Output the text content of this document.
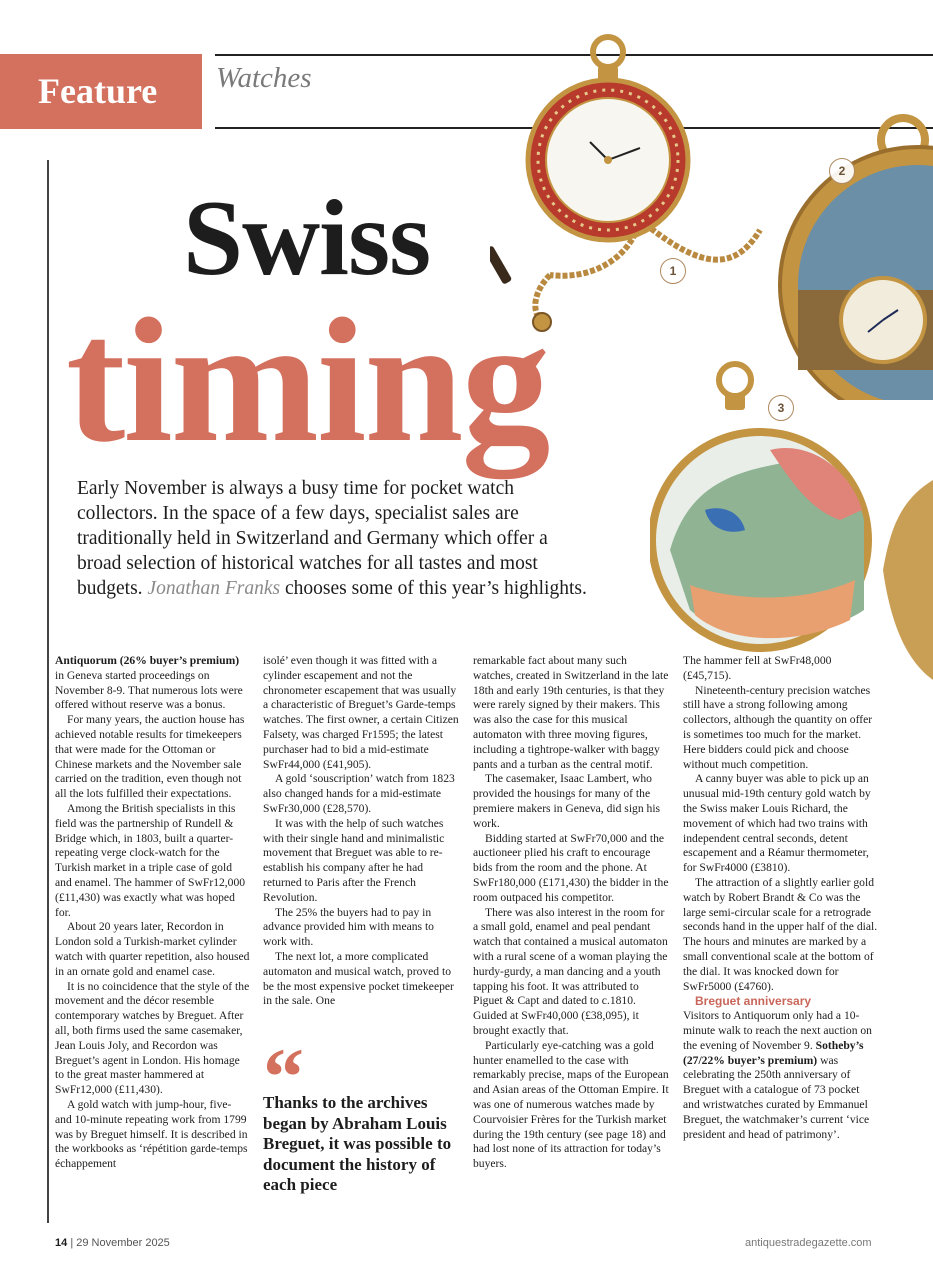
Feature	Watches
1
2
3
Swiss
timing
Early November is always a busy time for pocket watch collectors. In the space of a few days, specialist sales are traditionally held in Switzerland and Germany which offer a broad selection of historical watches for all tastes and most budgets. Jonathan Franks chooses some of this year’s highlights.

Antiquorum (26% buyer’s premium) in Geneva started proceedings on November 8-9. That numerous lots were offered without reserve was a bonus.

For many years, the auction house has achieved notable results for timekeepers that were made for the Ottoman or Chinese markets and the November sale carried on the tradition, even though not all the lots fulfilled their expectations.

Among the British specialists in this field was the partnership of Rundell & Bridge which, in 1803, built a quarter-repeating verge clock-watch for the Turkish market in a triple case of gold and enamel. The hammer of SwFr12,000 (£11,430) was exactly what was hoped for.

About 20 years later, Recordon in London sold a Turkish-market cylinder watch with quarter repetition, also housed in an ornate gold and enamel case.

It is no coincidence that the style of the movement and the décor resemble contemporary watches by Breguet. After all, both firms used the same casemaker, Jean Louis Joly, and Recordon was Breguet’s agent in London. His homage to the great master hammered at SwFr12,000 (£11,430).

A gold watch with jump-hour, five- and 10-minute repeating work from 1799 was by Breguet himself. It is described in the workbooks as ‘répétition garde-temps échappement

isolé’ even though it was fitted with a cylinder escapement and not the chronometer escapement that was usually a characteristic of Breguet’s Garde-temps watches. The first owner, a certain Citizen Falsety, was charged Fr1595; the latest purchaser had to bid a mid-estimate SwFr44,000 (£41,905).

A gold ‘souscription’ watch from 1823 also changed hands for a mid-estimate SwFr30,000 (£28,570).

It was with the help of such watches with their single hand and minimalistic movement that Breguet was able to re-establish his company after he had returned to Paris after the French Revolution.

The 25% the buyers had to pay in advance provided him with means to work with.

The next lot, a more complicated automaton and musical watch, proved to be the most expensive pocket timekeeper in the sale. One

“
Thanks to the archives began by Abraham Louis Breguet, it was possible to document the history of each piece

remarkable fact about many such watches, created in Switzerland in the late 18th and early 19th centuries, is that they were rarely signed by their makers. This was also the case for this musical automaton with three moving figures, including a tightrope-walker with baggy pants and a turban as the central motif.

The casemaker, Isaac Lambert, who provided the housings for many of the premiere makers in Geneva, did sign his work.

Bidding started at SwFr70,000 and the auctioneer plied his craft to encourage bids from the room and the phone. At SwFr180,000 (£171,430) the bidder in the room outpaced his competitor.

There was also interest in the room for a small gold, enamel and peal pendant watch that contained a musical automaton with a rural scene of a woman playing the hurdy-gurdy, a man dancing and a youth tapping his foot. It was attributed to Piguet & Capt and dated to c.1810. Guided at SwFr40,000 (£38,095), it brought exactly that.

Particularly eye-catching was a gold hunter enamelled to the case with remarkably precise, maps of the European and Asian areas of the Ottoman Empire. It was one of numerous watches made by Courvoisier Frères for the Turkish market during the 19th century (see page 18) and had lost none of its attraction for today’s buyers.

The hammer fell at SwFr48,000 (£45,715).

Nineteenth-century precision watches still have a strong following among collectors, although the quantity on offer is sometimes too much for the market. Here bidders could pick and choose without much competition.

A canny buyer was able to pick up an unusual mid-19th century gold watch by the Swiss maker Louis Richard, the movement of which had two trains with independent central seconds, detent escapement and a Réamur thermometer, for SwFr4000 (£3810).

The attraction of a slightly earlier gold watch by Robert Brandt & Co was the large semi-circular scale for a retrograde seconds hand in the upper half of the dial. The hours and minutes are marked by a small conventional scale at the bottom of the dial. It was knocked down for SwFr5000 (£4760).

Breguet anniversary

Visitors to Antiquorum only had a 10-minute walk to reach the next auction on the evening of November 9. Sotheby’s (27/22% buyer’s premium) was celebrating the 250th anniversary of Breguet with a catalogue of 73 pocket and wristwatches curated by Emmanuel Breguet, the watchmaker’s current ‘vice president and head of patrimony’.

14 | 29 November 2025	antiquestradegazette.com
